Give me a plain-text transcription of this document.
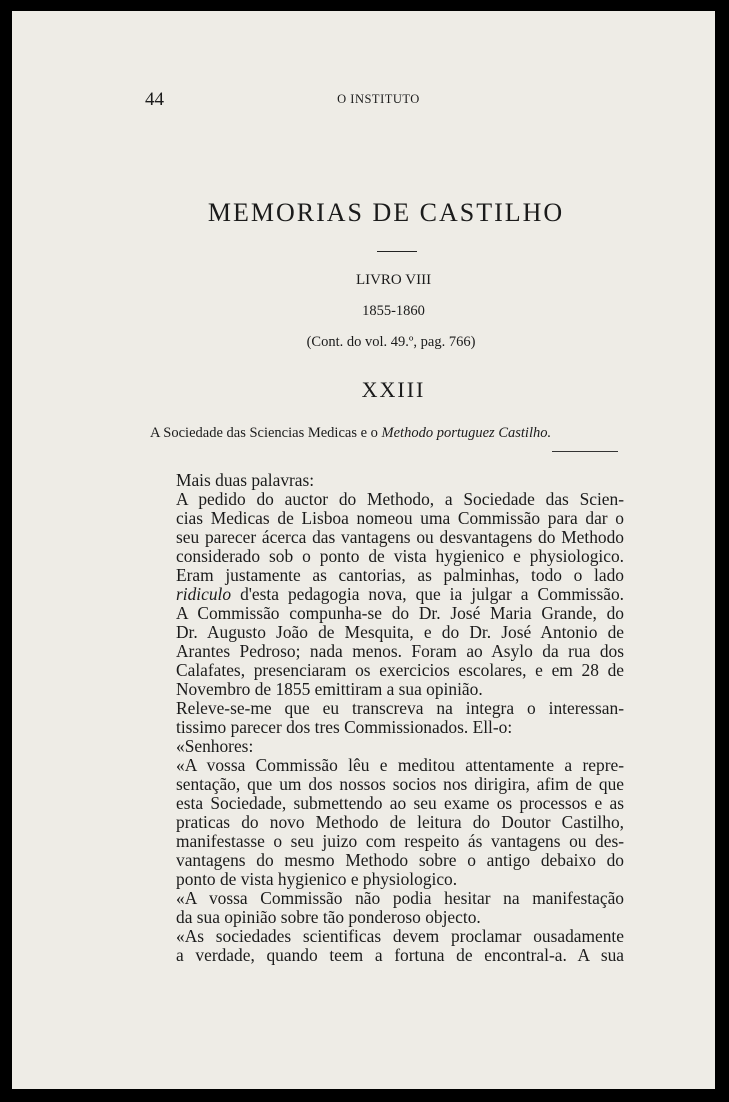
44	O INSTITUTO
MEMORIAS DE CASTILHO
LIVRO VIII
1855-1860
(Cont. do vol. 49.º, pag. 766)
XXIII
A Sociedade das Sciencias Medicas e o Methodo portuguez Castilho.

Mais duas palavras:

A pedido do auctor do Methodo, a Sociedade das Scien-
cias Medicas de Lisboa nomeou uma Commissão para dar o
seu parecer ácerca das vantagens ou desvantagens do Methodo
considerado sob o ponto de vista hygienico e physiologico.
Eram justamente as cantorias, as palminhas, todo o lado
ridiculo d'esta pedagogia nova, que ia julgar a Commissão.

A Commissão compunha-se do Dr. José Maria Grande, do
Dr. Augusto João de Mesquita, e do Dr. José Antonio de
Arantes Pedroso; nada menos. Foram ao Asylo da rua dos
Calafates, presenciaram os exercicios escolares, e em 28 de
Novembro de 1855 emittiram a sua opinião.

Releve-se-me que eu transcreva na integra o interessan-
tissimo parecer dos tres Commissionados. Ell-o:

«Senhores:

«A vossa Commissão lêu e meditou attentamente a repre-
sentação, que um dos nossos socios nos dirigira, afim de que
esta Sociedade, submettendo ao seu exame os processos e as
praticas do novo Methodo de leitura do Doutor Castilho,
manifestasse o seu juizo com respeito ás vantagens ou des-
vantagens do mesmo Methodo sobre o antigo debaixo do
ponto de vista hygienico e physiologico.

«A vossa Commissão não podia hesitar na manifestação
da sua opinião sobre tão ponderoso objecto.

«As sociedades scientificas devem proclamar ousadamente
a verdade, quando teem a fortuna de encontral-a. A sua
